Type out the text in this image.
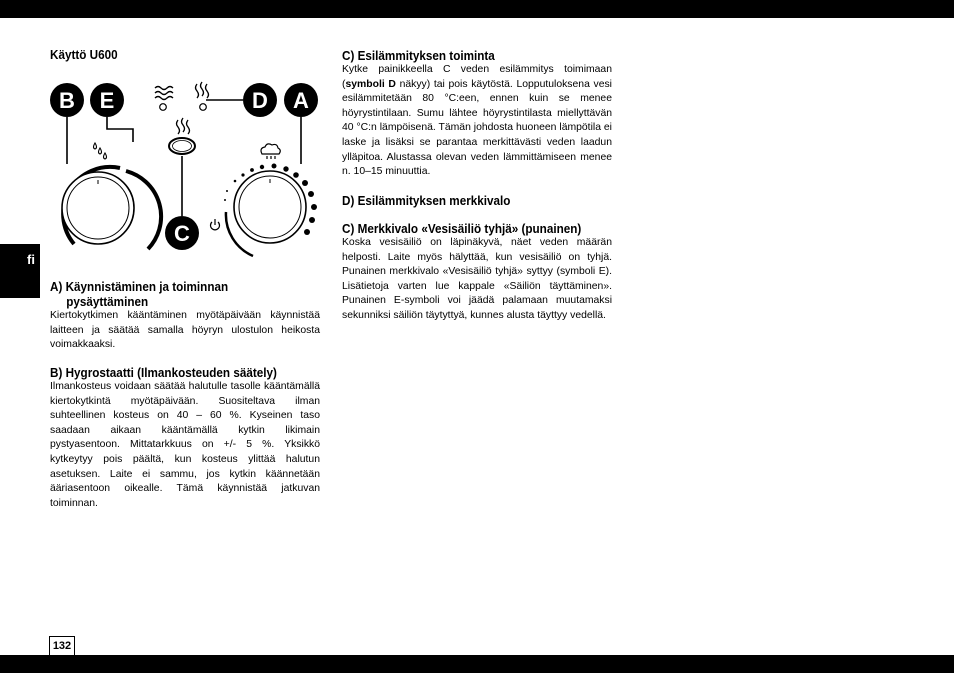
fi
132

Käyttö U600

B E	D A
C

A) Käynnistäminen ja toiminnan

pysäyttäminen

Kiertokytkimen kääntäminen myötäpäivään käynnistää laitteen ja säätää samalla höyryn ulostulon heikosta voimakkaaksi.

B) Hygrostaatti (Ilmankosteuden säätely)

Ilmankosteus voidaan säätää halutulle tasolle kääntämällä kiertokytkintä myötäpäivään. Suositeltava ilman suhteellinen kosteus on 40 – 60 %. Kyseinen taso saadaan aikaan kääntämällä kytkin likimain pystyasentoon. Mittatarkkuus on +/- 5 %. Yksikkö kytkeytyy pois päältä, kun kosteus ylittää halutun asetuksen. Laite ei sammu, jos kytkin käännetään ääriasentoon oikealle. Tämä käynnistää jatkuvan toiminnan.

C) Esilämmityksen toiminta

Kytke painikkeella C veden esilämmitys toimimaan (symboli D näkyy) tai pois käytöstä. Lopputuloksena vesi esilämmitetään 80 °C:een, ennen kuin se menee höyrystintilaan. Sumu lähtee höyrystintilasta miellyttävän 40 °C:n lämpöisenä. Tämän johdosta huoneen lämpötila ei laske ja lisäksi se parantaa merkittävästi veden laadun ylläpitoa. Alustassa olevan veden lämmittämiseen menee n. 10–15 minuuttia.

D) Esilämmityksen merkkivalo

C) Merkkivalo «Vesisäiliö tyhjä» (punainen)

Koska vesisäiliö on läpinäkyvä, näet veden määrän helposti. Laite myös hälyttää, kun vesisäiliö on tyhjä. Punainen merkkivalo «Vesisäiliö tyhjä» syttyy (symboli E). Lisätietoja varten lue kappale «Säiliön täyttäminen». Punainen E-symboli voi jäädä palamaan muutamaksi sekunniksi säiliön täytyttyä, kunnes alusta täyttyy vedellä.
